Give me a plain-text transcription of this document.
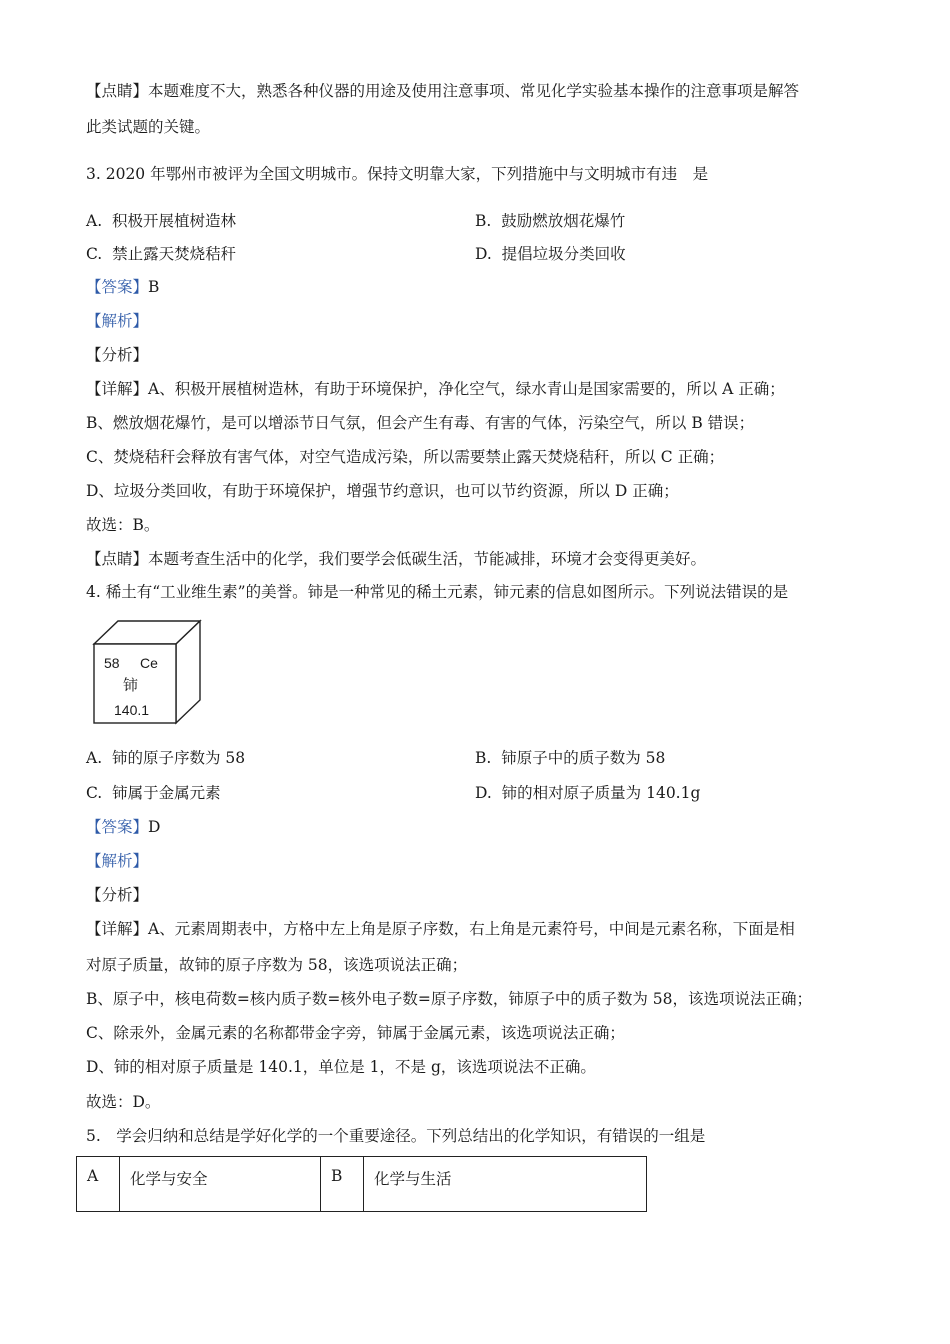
【点睛】本题难度不大，熟悉各种仪器的用途及使用注意事项、常见化学实验基本操作的注意事项是解答
此类试题的关键。
3. 2020 年鄂州市被评为全国文明城市。保持文明靠大家，下列措施中与文明城市有违　是
A. 积极开展植树造林	B. 鼓励燃放烟花爆竹
C. 禁止露天焚烧秸秆	D. 提倡垃圾分类回收
【答案】B
【解析】
【分析】
【详解】A、积极开展植树造林，有助于环境保护，净化空气，绿水青山是国家需要的，所以 A 正确；
B、燃放烟花爆竹，是可以增添节日气氛，但会产生有毒、有害的气体，污染空气，所以 B 错误；
C、焚烧秸秆会释放有害气体，对空气造成污染，所以需要禁止露天焚烧秸秆，所以 C 正确；
D、垃圾分类回收，有助于环境保护，增强节约意识，也可以节约资源，所以 D 正确；
故选：B。
【点睛】本题考查生活中的化学，我们要学会低碳生活，节能减排，环境才会变得更美好。
4. 稀土有“工业维生素”的美誉。铈是一种常见的稀土元素，铈元素的信息如图所示。下列说法错误的是
58 Ce
铈
140.1
A. 铈的原子序数为 58	B. 铈原子中的质子数为 58
C. 铈属于金属元素	D. 铈的相对原子质量为 140.1g
【答案】D
【解析】
【分析】
【详解】A、元素周期表中，方格中左上角是原子序数，右上角是元素符号，中间是元素名称，下面是相
对原子质量，故铈的原子序数为 58，该选项说法正确；
B、原子中，核电荷数=核内质子数=核外电子数=原子序数，铈原子中的质子数为 58，该选项说法正确；
C、除汞外，金属元素的名称都带金字旁，铈属于金属元素，该选项说法正确；
D、铈的相对原子质量是 140.1，单位是 1，不是 g，该选项说法不正确。
故选：D。
5.　学会归纳和总结是学好化学的一个重要途径。下列总结出的化学知识，有错误的一组是
A	化学与安全	B	化学与生活
